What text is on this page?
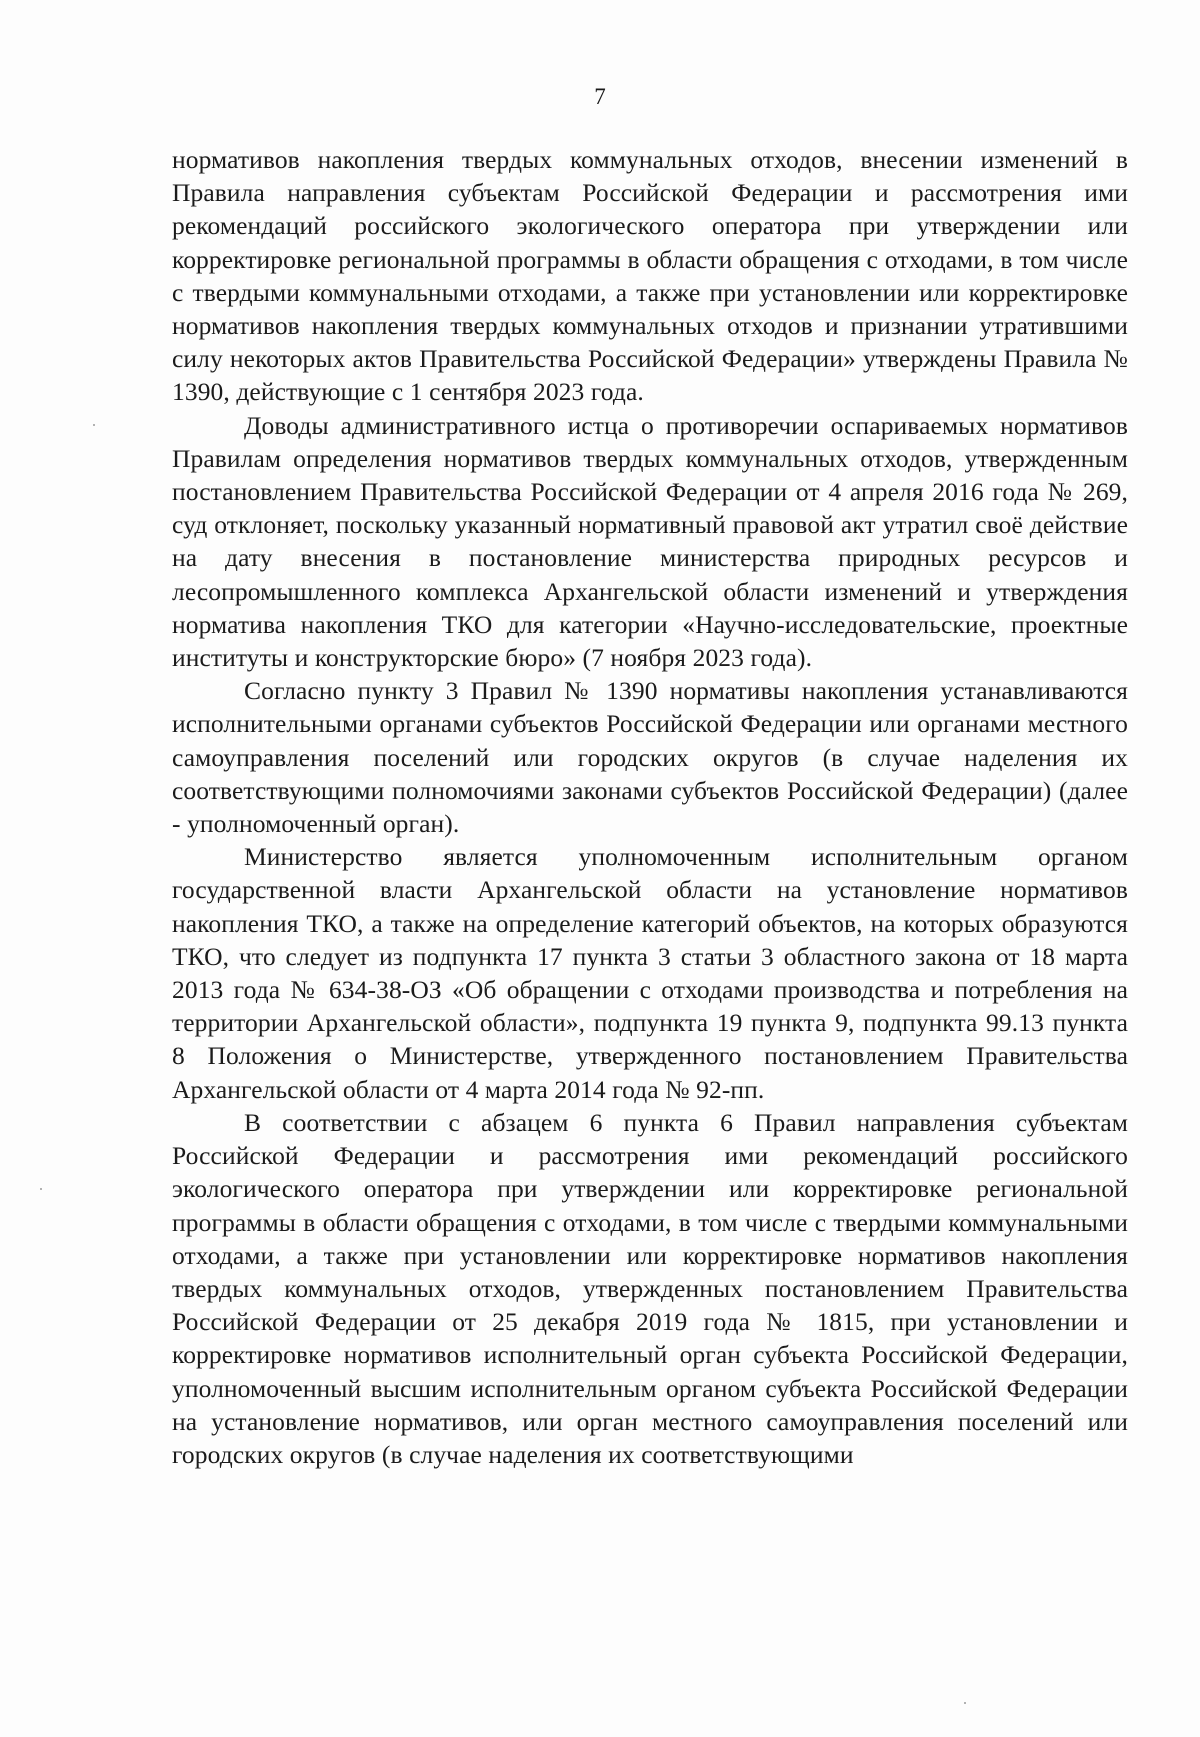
7

нормативов накопления твердых коммунальных отходов, внесении изменений в Правила направления субъектам Российской Федерации и рассмотрения ими рекомендаций российского экологического оператора при утверждении или корректировке региональной программы в области обращения с отходами, в том числе с твердыми коммунальными отходами, а также при установлении или корректировке нормативов накопления твердых коммунальных отходов и признании утратившими силу некоторых актов Правительства Российской Федерации» утверждены Правила № 1390, действующие с 1 сентября 2023 года.

Доводы административного истца о противоречии оспариваемых нормативов Правилам определения нормативов твердых коммунальных отходов, утвержденным постановлением Правительства Российской Федерации от 4 апреля 2016 года № 269, суд отклоняет, поскольку указанный нормативный правовой акт утратил своё действие на дату внесения в постановление министерства природных ресурсов и лесопромышленного комплекса Архангельской области изменений и утверждения норматива накопления ТКО для категории «Научно-исследовательские, проектные институты и конструкторские бюро» (7 ноября 2023 года).

Согласно пункту 3 Правил № 1390 нормативы накопления устанавливаются исполнительными органами субъектов Российской Федерации или органами местного самоуправления поселений или городских округов (в случае наделения их соответствующими полномочиями законами субъектов Российской Федерации) (далее - уполномоченный орган).

Министерство является уполномоченным исполнительным органом государственной власти Архангельской области на установление нормативов накопления ТКО, а также на определение категорий объектов, на которых образуются ТКО, что следует из подпункта 17 пункта 3 статьи 3 областного закона от 18 марта 2013 года № 634-38-ОЗ «Об обращении с отходами производства и потребления на территории Архангельской области», подпункта 19 пункта 9, подпункта 99.13 пункта 8 Положения о Министерстве, утвержденного постановлением Правительства Архангельской области от 4 марта 2014 года № 92-пп.

В соответствии с абзацем 6 пункта 6 Правил направления субъектам Российской Федерации и рассмотрения ими рекомендаций российского экологического оператора при утверждении или корректировке региональной программы в области обращения с отходами, в том числе с твердыми коммунальными отходами, а также при установлении или корректировке нормативов накопления твердых коммунальных отходов, утвержденных постановлением Правительства Российской Федерации от 25 декабря 2019 года № 1815, при установлении и корректировке нормативов исполнительный орган субъекта Российской Федерации, уполномоченный высшим исполнительным органом субъекта Российской Федерации на установление нормативов, или орган местного самоуправления поселений или городских округов (в случае наделения их соответствующими
